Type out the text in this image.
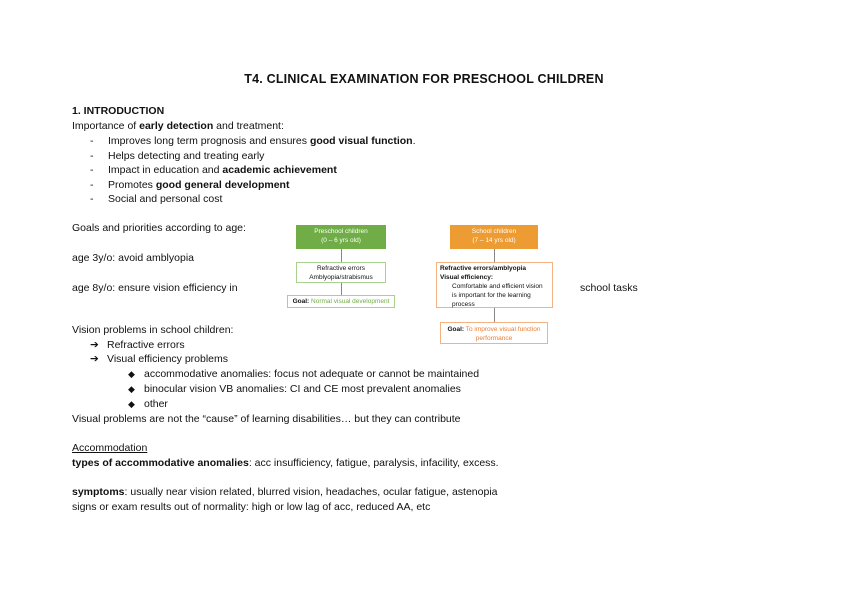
T4. CLINICAL EXAMINATION FOR PRESCHOOL CHILDREN
1. INTRODUCTION
Importance of early detection and treatment:
- Improves long term prognosis and ensures good visual function.
- Helps detecting and treating early
- Impact in education and academic achievement
- Promotes good general development
- Social and personal cost
Goals and priorities according to age:
age 3y/o: avoid amblyopia
age 8y/o: ensure vision efficiency in	school tasks
Preschool children
(0 – 6 yrs old)
Refractive errors
Amblyopia/strabismus
Goal: Normal visual development
School children
(7 – 14 yrs old)
Refractive errors/amblyopia
Visual efficiency:
Comfortable and efficient vision
is important for the learning
process
Goal: To improve visual function performance
Vision problems in school children:
➔ Refractive errors
➔ Visual efficiency problems
◆ accommodative anomalies: focus not adequate or cannot be maintained
◆ binocular vision VB anomalies: CI and CE most prevalent anomalies
◆ other
Visual problems are not the “cause” of learning disabilities… but they can contribute
Accommodation
types of accommodative anomalies: acc insufficiency, fatigue, paralysis, infacility, excess.
symptoms: usually near vision related, blurred vision, headaches, ocular fatigue, astenopia
signs or exam results out of normality: high or low lag of acc, reduced AA, etc
